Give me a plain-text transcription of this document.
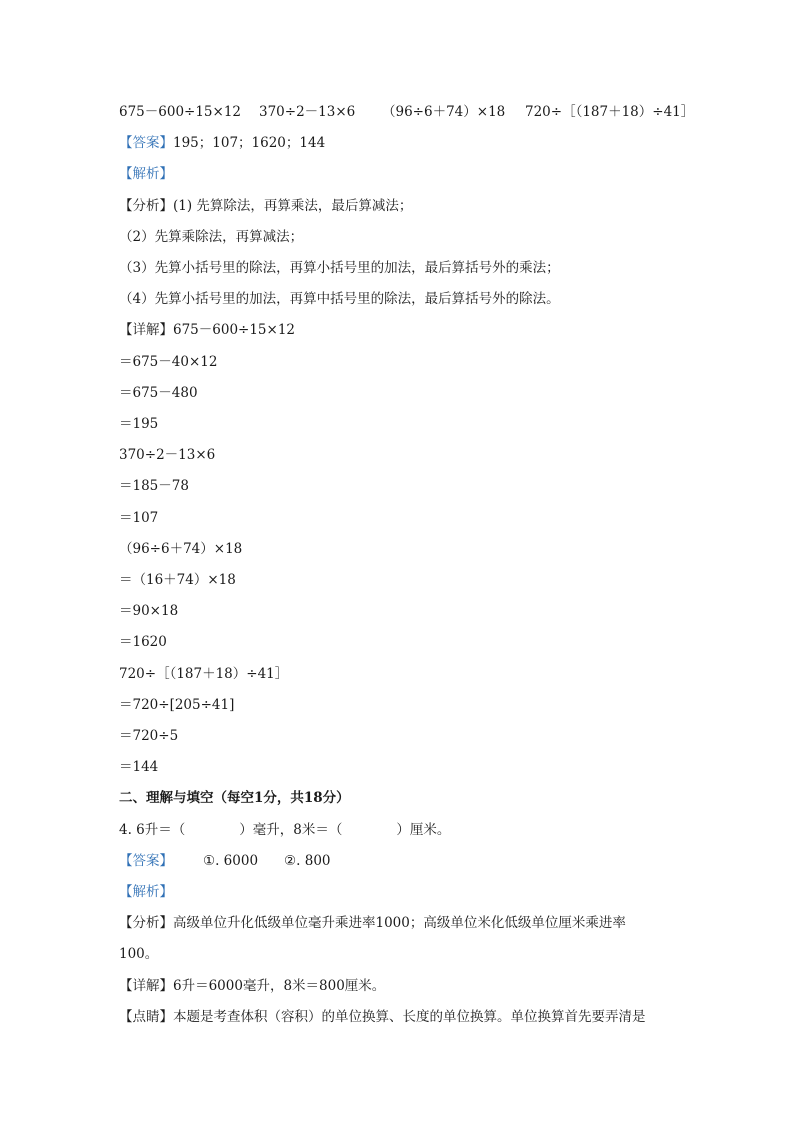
675－600÷15×12 370÷2－13×6 （96÷6＋74）×18 720÷［（187＋18）÷41］
【答案】195；107；1620；144
【解析】
【分析】(1) 先算除法，再算乘法，最后算减法；
（2）先算乘除法，再算减法；
（3）先算小括号里的除法，再算小括号里的加法，最后算括号外的乘法；
（4）先算小括号里的加法，再算中括号里的除法，最后算括号外的除法。
【详解】675－600÷15×12
＝675－40×12
＝675－480
＝195
370÷2－13×6
＝185－78
＝107
（96÷6＋74）×18
＝（16＋74）×18
＝90×18
＝1620
720÷［（187＋18）÷41］
＝720÷[205÷41]
＝720÷5
＝144
二、理解与填空（每空1分，共18分）
4. 6升＝（　　　　）毫升，8米＝（　　　　）厘米。
【答案】 ①. 6000 ②. 800
【解析】
【分析】高级单位升化低级单位毫升乘进率1000；高级单位米化低级单位厘米乘进率
100。
【详解】6升＝6000毫升，8米＝800厘米。
【点睛】本题是考查体积（容积）的单位换算、长度的单位换算。单位换算首先要弄清是
